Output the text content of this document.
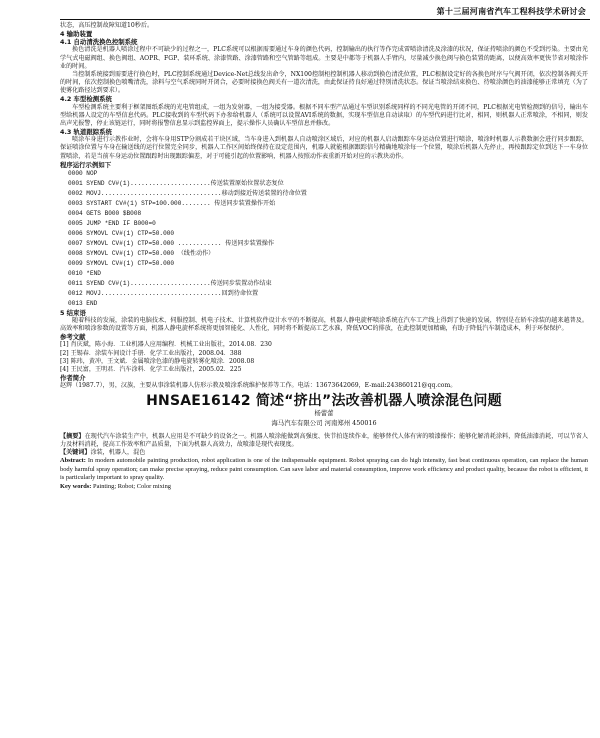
第十三届河南省汽车工程科技学术研讨会

状态，高压控制故障知道10秒后。

4 输助装置
4.1 自动清洗换色控制系统

换色清洗是机器人喷涂过程中不可缺少的过程之一，PLC系统可以根据需要通过车身的颜色代码，控制输出的执行等作完成雷喷涂清洗及涂漆的状况，保证持喷涂的颜色不受到污染。主要由光学气式电磁阀组、换色阀组、AOPR、FGP、装环系统、涂漆管路、涂漆管路和空气管路等组成。主要是中都等于机器人手臂内，尽量减少换色阀与换色装置的距离，以便高效率更快节省对喷涂作业的时间。

当控制系统接到需要进行换色时，PLC控制系统通过Device-Net总线发出命令，NX100控制柜控制机器人移动到换色清洗位置，PLC根据设定好的各换色时序与气阀开闭，依次控制各阀关开的时间，依次控制换色喷嘴清洗，涂料与空气系统同时开闭合，必要时接换色阀关有一道次清洗，由此保证持良好通过特别清洗状态。保证当喷涂结束换色、待喷涂颜色的油漆能够正常填充（为了使雾化路径达到要求）。

4.2 车型检测系统

车型检测系统主要利于框架图纸系统的光电管组成，一组为发射器，一组为接受器。根据不同车型产品通过车型识别系统同样的不同光电管的开闭不同，PLC根据光电管检测到的信号，输出车型给机器人设定的车型信息代码。PLC接收到的车型代码下办参给机器人（系统可以设置AVI系统的数据，实现车型信息自动读取）的车型代码进行比对，相同，则机器人正常喷涂，不相同，则发出声光报警，停止该链运行，同时将报警信息显示到监控界面上，提示操作人员确认车型信息并修改。

4.3 轨道跟踪系统

喷涂车身进行示教作业时，会将车身用STP分割成若干块区域，当车身进入到机器人自动喷涂区域后，对应的机器人启动跟踪车身运动位置进行喷涂，喷涂时机器人示教数据会进行同步跟踪，保证喷涂位置与车身在输送线的运行位置完全同步，机器人工作区间始终保持在设定范围内，机器人就能根据跟踪信号精确地喷涂每一个位置，喷涂后机器人先停止，再按跟踪定位到达下一车身位置喷涂，若是当前车身运动位置跟踪时出现跟踪偏差，对于可能引起的位置影响，机器人按照动作表重新开始对应的示教块动作。

程序运行示例如下
0000 NOP
0001 SYEND CV#(1)......................传送装置原始位置状态复位
0002 MOVJ.................................移动到接近传送装置的待命位置
0003 SYSTART CV#(1) STP=100.000........ 传送同步装置操作开始
0004 GETS B000 $B008
0005 JUMP *END IF B000=0
0006 SYMOVL CV#(1) CTP=50.000
0007 SYMOVL CV#(1) CTP=50.000 ............ 传送同步装置操作
0008 SYMOVL CV#(1) CTP=50.000 （线性动作）
0009 SYMOVL CV#(1) CTP=50.000
0010 *END
0011 SYEND CV#(1)......................传送同步装置动作结束
0012 MOVJ.................................回到待命位置
0013 END
5 结束语

随着科技的发展，涂装的电脑技术、伺服控制、机电子技术、计算机软件设计水平的不断提高，机器人静电旋杯喷涂系统在汽车工产线上得到了快速的发展，特别是在轿车涂装的越来越普及。高效率和喷涂参数的设置等方面，机器人静电旋杯系统将更加智能化、人性化，同时将不断提高工艺水准，降低VOC的排放，在此控制更加精确，有助于降低汽车制造成本，利于环保保护。

参考文献
[1] 肖庆斌，陈小海．工业机器人应用编程．机械工业出版社，2014.08．230
[2] 王锡春．涂装车间设计手册．化学工业出版社，2008.04．388
[3] 陈玮，黄冲，王文斌．金属喷涂色漆的静电旋转雾化喷涂．2008.08
[4] 王民富，王明君．汽车涂料．化学工业出版社，2005.02．225
作者简介

赵辉（1987.7），男，汉族，主要从事涂装机器人仿形示教及喷涂系统维护保养等工作。电话：13673642069，E-mail:243860121@qq.com。

HNSAE16142 简述“挤出”法改善机器人喷涂混色问题
杨蕾蕾
海马汽车有限公司 河南郑州 450016

【摘要】在现代汽车涂装生产中，机器人应用是不可缺少的设备之一。机器人喷涂能做到高强度、快节拍连续作业，能够替代人体有害的喷漆操作；能够化解消耗涂料，降低油漆消耗，可以节省人力及材料消耗，提高工作效率和产品质量，下面为机器人高效力，故喷漆是现代表现度。

【关键词】涂装，机器人，混色

Abstract: In modern automobile painting production, robot application is one of the indispensable equipment. Robot spraying can do high intensity, fast beat continuous operation, can replace the human body harmful spray operation; can make precise spraying, reduce paint consumption. Can save labor and material consumption, improve work efficiency and product quality, because the robot is efficient, it is particularly important to spray quality.

Key words: Painting; Robot; Color mixing
